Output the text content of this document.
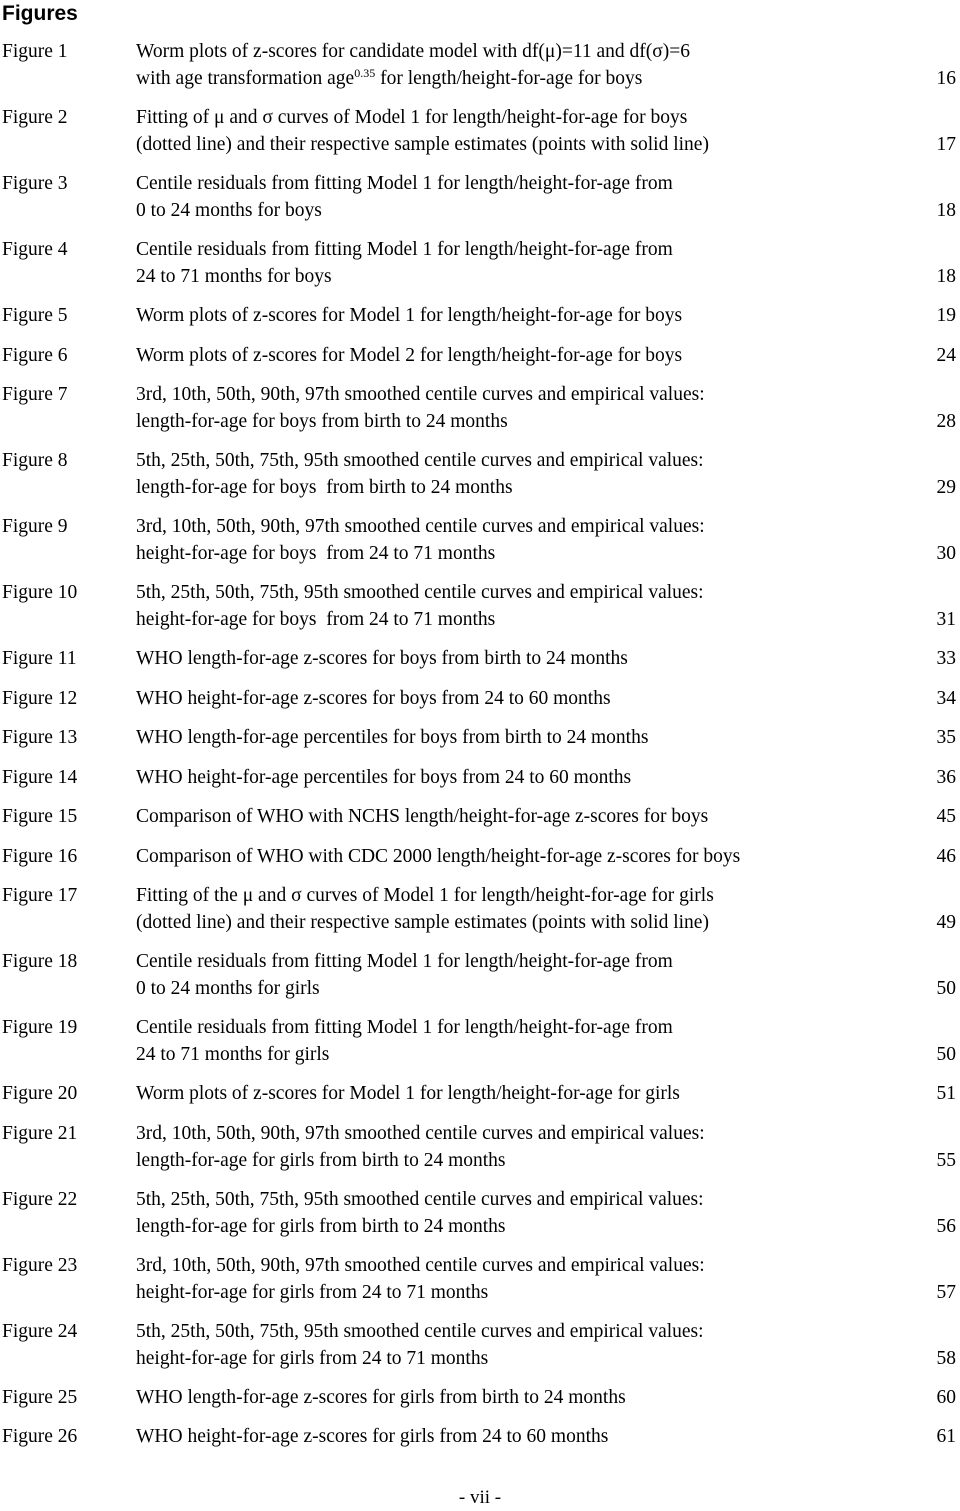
Figures
Figure 1	Worm plots of z-scores for candidate model with df(μ)=11 and df(σ)=6
with age transformation age$^{0.35}$ for length/height-for-age for boys	16
Figure 2	Fitting of μ and σ curves of Model 1 for length/height-for-age for boys
(dotted line) and their respective sample estimates (points with solid line)	17
Figure 3	Centile residuals from fitting Model 1 for length/height-for-age from
0 to 24 months for boys	18
Figure 4	Centile residuals from fitting Model 1 for length/height-for-age from
24 to 71 months for boys	18
Figure 5	Worm plots of z-scores for Model 1 for length/height-for-age for boys	19
Figure 6	Worm plots of z-scores for Model 2 for length/height-for-age for boys	24
Figure 7	3rd, 10th, 50th, 90th, 97th smoothed centile curves and empirical values:
length-for-age for boys from birth to 24 months	28
Figure 8	5th, 25th, 50th, 75th, 95th smoothed centile curves and empirical values:
length-for-age for boys  from birth to 24 months	29
Figure 9	3rd, 10th, 50th, 90th, 97th smoothed centile curves and empirical values:
height-for-age for boys  from 24 to 71 months	30
Figure 10	5th, 25th, 50th, 75th, 95th smoothed centile curves and empirical values:
height-for-age for boys  from 24 to 71 months	31
Figure 11	WHO length-for-age z-scores for boys from birth to 24 months	33
Figure 12	WHO height-for-age z-scores for boys from 24 to 60 months	34
Figure 13	WHO length-for-age percentiles for boys from birth to 24 months	35
Figure 14	WHO height-for-age percentiles for boys from 24 to 60 months	36
Figure 15	Comparison of WHO with NCHS length/height-for-age z-scores for boys	45
Figure 16	Comparison of WHO with CDC 2000 length/height-for-age z-scores for boys	46
Figure 17	Fitting of the μ and σ curves of Model 1 for length/height-for-age for girls
(dotted line) and their respective sample estimates (points with solid line)	49
Figure 18	Centile residuals from fitting Model 1 for length/height-for-age from
0 to 24 months for girls	50
Figure 19	Centile residuals from fitting Model 1 for length/height-for-age from
24 to 71 months for girls	50
Figure 20	Worm plots of z-scores for Model 1 for length/height-for-age for girls	51
Figure 21	3rd, 10th, 50th, 90th, 97th smoothed centile curves and empirical values:
length-for-age for girls from birth to 24 months	55
Figure 22	5th, 25th, 50th, 75th, 95th smoothed centile curves and empirical values:
length-for-age for girls from birth to 24 months	56
Figure 23	3rd, 10th, 50th, 90th, 97th smoothed centile curves and empirical values:
height-for-age for girls from 24 to 71 months	57
Figure 24	5th, 25th, 50th, 75th, 95th smoothed centile curves and empirical values:
height-for-age for girls from 24 to 71 months	58
Figure 25	WHO length-for-age z-scores for girls from birth to 24 months	60
Figure 26	WHO height-for-age z-scores for girls from 24 to 60 months	61
- vii -
